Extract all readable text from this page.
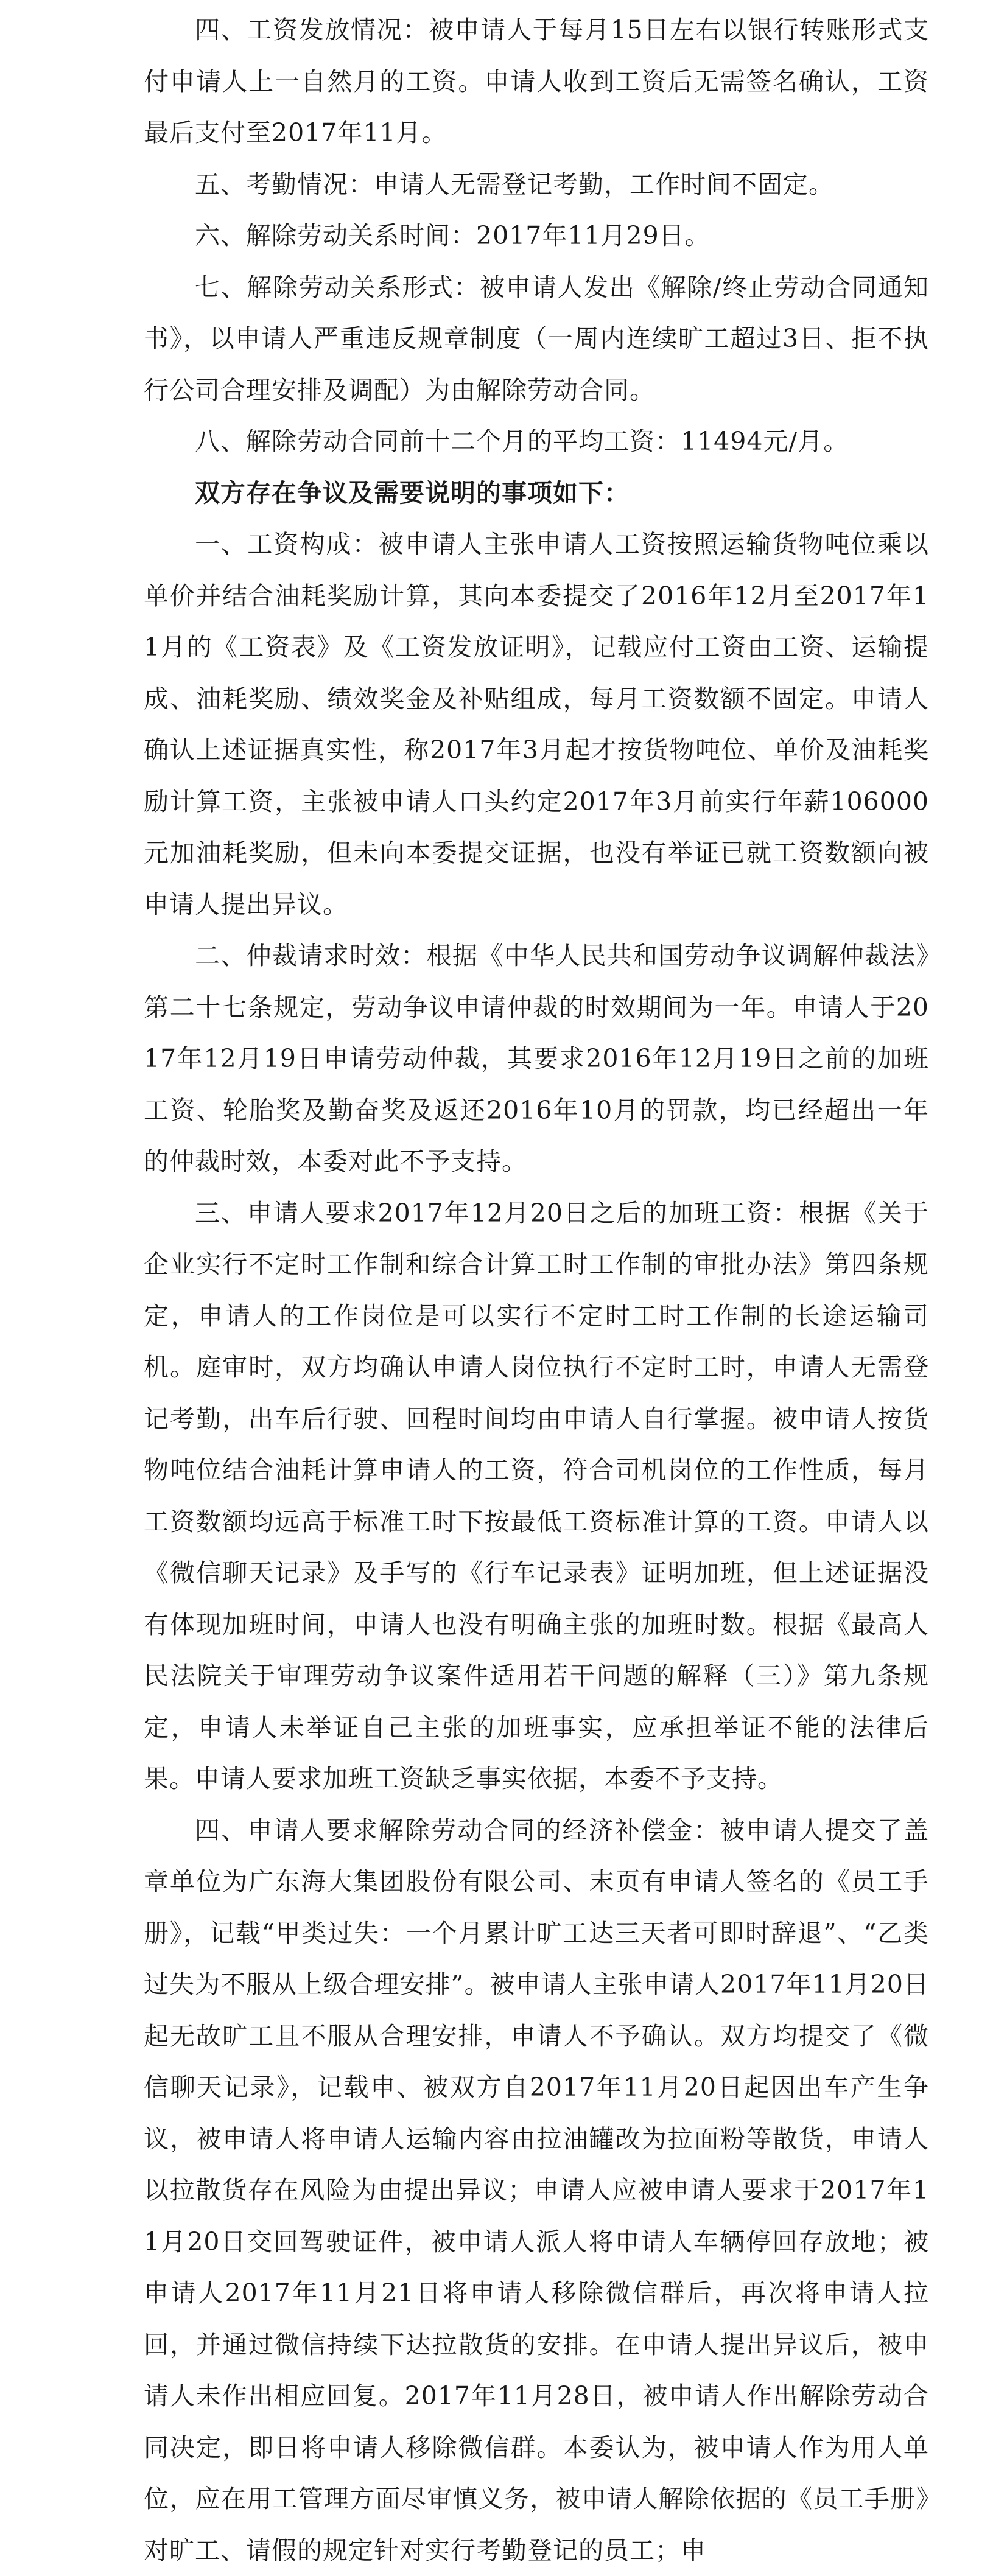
四、工资发放情况：被申请人于每月15日左右以银行转账形式支付申请人上一自然月的工资。申请人收到工资后无需签名确认，工资最后支付至2017年11月。

五、考勤情况：申请人无需登记考勤，工作时间不固定。

六、解除劳动关系时间：2017年11月29日。

七、解除劳动关系形式：被申请人发出《解除/终止劳动合同通知书》，以申请人严重违反规章制度（一周内连续旷工超过3日、拒不执行公司合理安排及调配）为由解除劳动合同。

八、解除劳动合同前十二个月的平均工资：11494元/月。

双方存在争议及需要说明的事项如下：

一、工资构成：被申请人主张申请人工资按照运输货物吨位乘以单价并结合油耗奖励计算，其向本委提交了2016年12月至2017年11月的《工资表》及《工资发放证明》，记载应付工资由工资、运输提成、油耗奖励、绩效奖金及补贴组成，每月工资数额不固定。申请人确认上述证据真实性，称2017年3月起才按货物吨位、单价及油耗奖励计算工资，主张被申请人口头约定2017年3月前实行年薪106000元加油耗奖励，但未向本委提交证据，也没有举证已就工资数额向被申请人提出异议。

二、仲裁请求时效：根据《中华人民共和国劳动争议调解仲裁法》第二十七条规定，劳动争议申请仲裁的时效期间为一年。申请人于2017年12月19日申请劳动仲裁，其要求2016年12月19日之前的加班工资、轮胎奖及勤奋奖及返还2016年10月的罚款，均已经超出一年的仲裁时效，本委对此不予支持。

三、申请人要求2017年12月20日之后的加班工资：根据《关于企业实行不定时工作制和综合计算工时工作制的审批办法》第四条规定，申请人的工作岗位是可以实行不定时工时工作制的长途运输司机。庭审时，双方均确认申请人岗位执行不定时工时，申请人无需登记考勤，出车后行驶、回程时间均由申请人自行掌握。被申请人按货物吨位结合油耗计算申请人的工资，符合司机岗位的工作性质，每月工资数额均远高于标准工时下按最低工资标准计算的工资。申请人以《微信聊天记录》及手写的《行车记录表》证明加班，但上述证据没有体现加班时间，申请人也没有明确主张的加班时数。根据《最高人民法院关于审理劳动争议案件适用若干问题的解释（三）》第九条规定，申请人未举证自己主张的加班事实，应承担举证不能的法律后果。申请人要求加班工资缺乏事实依据，本委不予支持。

四、申请人要求解除劳动合同的经济补偿金：被申请人提交了盖章单位为广东海大集团股份有限公司、末页有申请人签名的《员工手册》，记载“甲类过失：一个月累计旷工达三天者可即时辞退”、“乙类过失为不服从上级合理安排”。被申请人主张申请人2017年11月20日起无故旷工且不服从合理安排，申请人不予确认。双方均提交了《微信聊天记录》，记载申、被双方自2017年11月20日起因出车产生争议，被申请人将申请人运输内容由拉油罐改为拉面粉等散货，申请人以拉散货存在风险为由提出异议；申请人应被申请人要求于2017年11月20日交回驾驶证件，被申请人派人将申请人车辆停回存放地；被申请人2017年11月21日将申请人移除微信群后，再次将申请人拉回，并通过微信持续下达拉散货的安排。在申请人提出异议后，被申请人未作出相应回复。2017年11月28日，被申请人作出解除劳动合同决定，即日将申请人移除微信群。本委认为，被申请人作为用人单位，应在用工管理方面尽审慎义务，被申请人解除依据的《员工手册》对旷工、请假的规定针对实行考勤登记的员工；申
